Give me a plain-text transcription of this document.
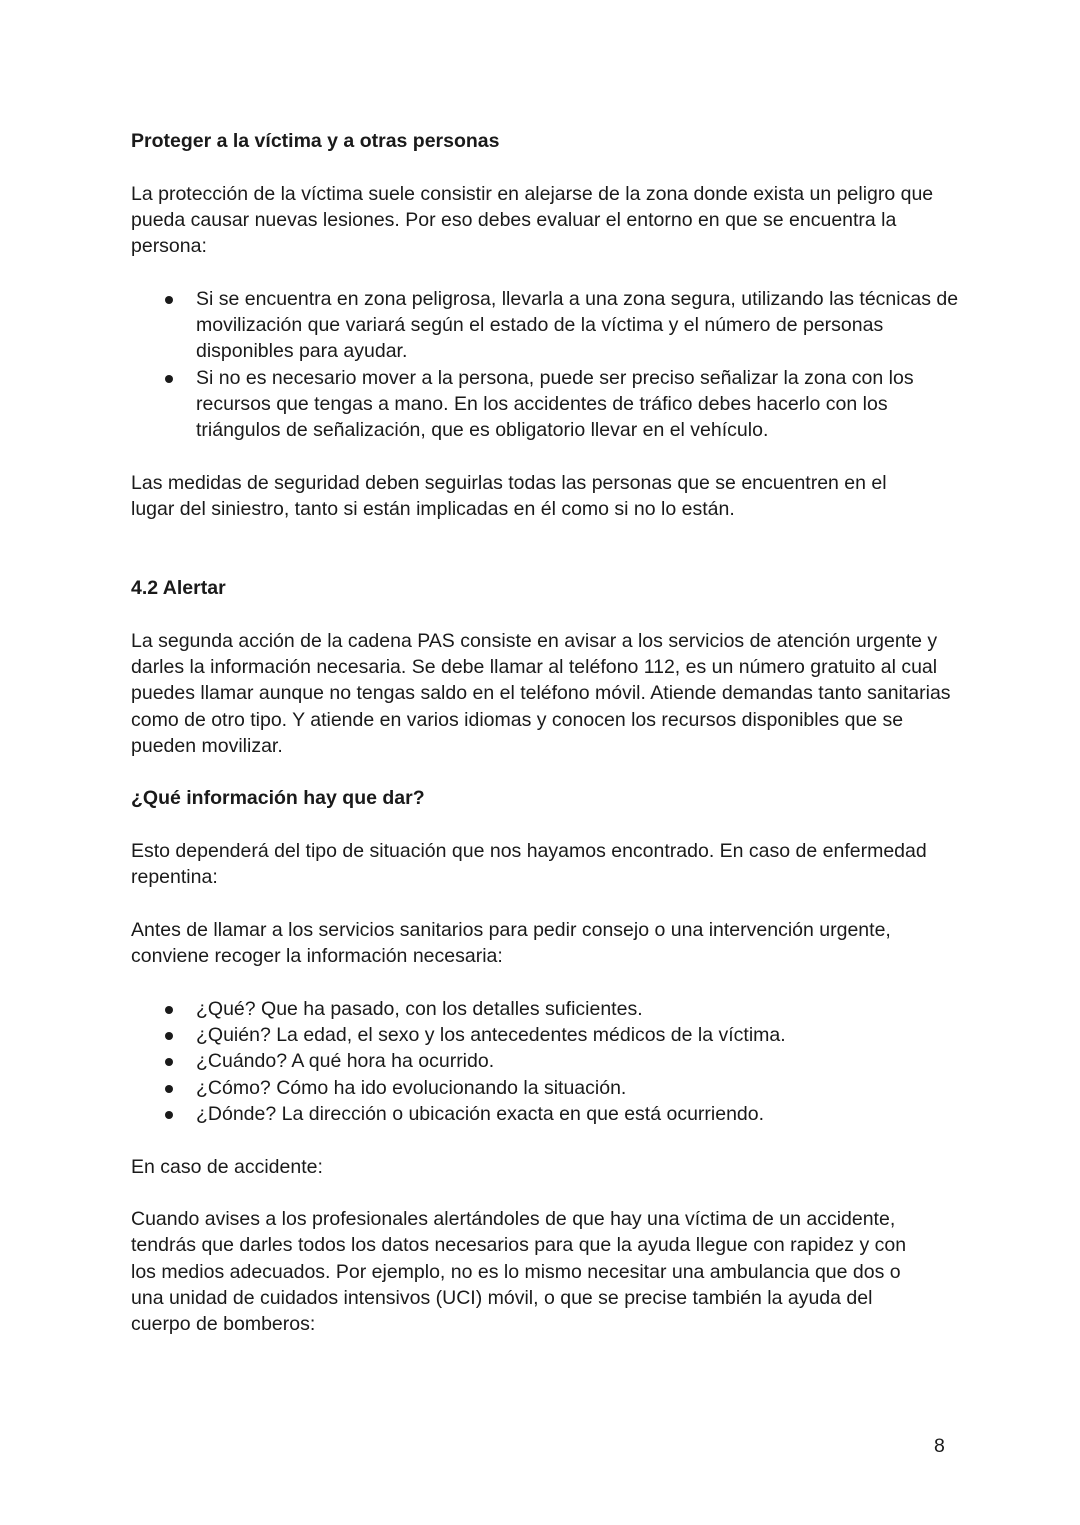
Proteger a la víctima y a otras personas

La protección de la víctima suele consistir en alejarse de la zona donde exista un peligro que pueda causar nuevas lesiones. Por eso debes evaluar el entorno en que se encuentra la persona:

Si se encuentra en zona peligrosa, llevarla a una zona segura, utilizando las técnicas de movilización que variará según el estado de la víctima y el número de personas disponibles para ayudar.
Si no es necesario mover a la persona, puede ser preciso señalizar la zona con los recursos que tengas a mano. En los accidentes de tráfico debes hacerlo con los triángulos de señalización, que es obligatorio llevar en el vehículo.

Las medidas de seguridad deben seguirlas todas las personas que se encuentren en el lugar del siniestro, tanto si están implicadas en él como si no lo están.

4.2 Alertar

La segunda acción de la cadena PAS consiste en avisar a los servicios de atención urgente y darles la información necesaria. Se debe llamar al teléfono 112, es un número gratuito al cual puedes llamar aunque no tengas saldo en el teléfono móvil. Atiende demandas tanto sanitarias como de otro tipo. Y atiende en varios idiomas y conocen los recursos disponibles que se pueden movilizar.

¿Qué información hay que dar?

Esto dependerá del tipo de situación que nos hayamos encontrado. En caso de enfermedad repentina:

Antes de llamar a los servicios sanitarios para pedir consejo o una intervención urgente, conviene recoger la información necesaria:

¿Qué? Que ha pasado, con los detalles suficientes.
¿Quién? La edad, el sexo y los antecedentes médicos de la víctima.
¿Cuándo? A qué hora ha ocurrido.
¿Cómo? Cómo ha ido evolucionando la situación.
¿Dónde? La dirección o ubicación exacta en que está ocurriendo.

En caso de accidente:

Cuando avises a los profesionales alertándoles de que hay una víctima de un accidente, tendrás que darles todos los datos necesarios para que la ayuda llegue con rapidez y con los medios adecuados. Por ejemplo, no es lo mismo necesitar una ambulancia que dos o una unidad de cuidados intensivos (UCI) móvil, o que se precise también la ayuda del cuerpo de bomberos:

8
